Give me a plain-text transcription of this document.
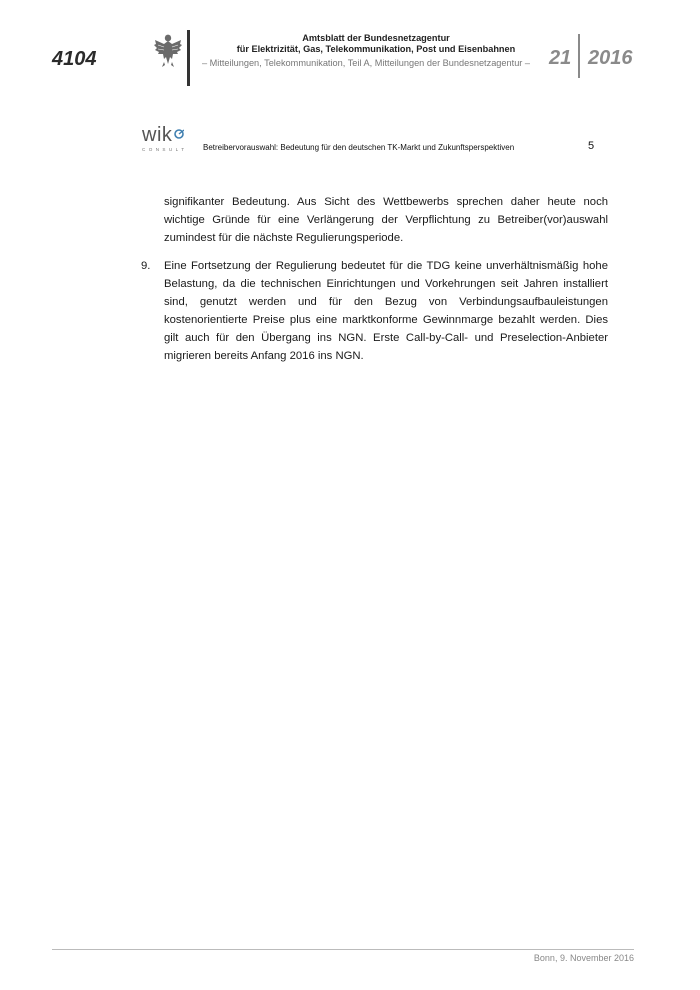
4104
Amtsblatt der Bundesnetzagentur
für Elektrizität, Gas, Telekommunikation, Post und Eisenbahnen
– Mitteilungen, Telekommunikation, Teil A, Mitteilungen der Bundesnetzagentur – 21 2016
wik
CONSULT Betreibervorauswahl: Bedeutung für den deutschen TK-Markt und Zukunftsperspektiven	5
signifikanter Bedeutung. Aus Sicht des Wettbewerbs sprechen daher heute noch wichtige Gründe für eine Verlängerung der Verpflichtung zu Betreiber(vor)auswahl zumindest für die nächste Regulierungsperiode.
9. Eine Fortsetzung der Regulierung bedeutet für die TDG keine unverhältnismäßig hohe Belastung, da die technischen Einrichtungen und Vorkehrungen seit Jahren installiert sind, genutzt werden und für den Bezug von Verbindungsaufbauleistungen kostenorientierte Preise plus eine marktkonforme Gewinnmarge bezahlt werden. Dies gilt auch für den Übergang ins NGN. Erste Call-by-Call- und Preselection-Anbieter migrieren bereits Anfang 2016 ins NGN.
Bonn, 9. November 2016
